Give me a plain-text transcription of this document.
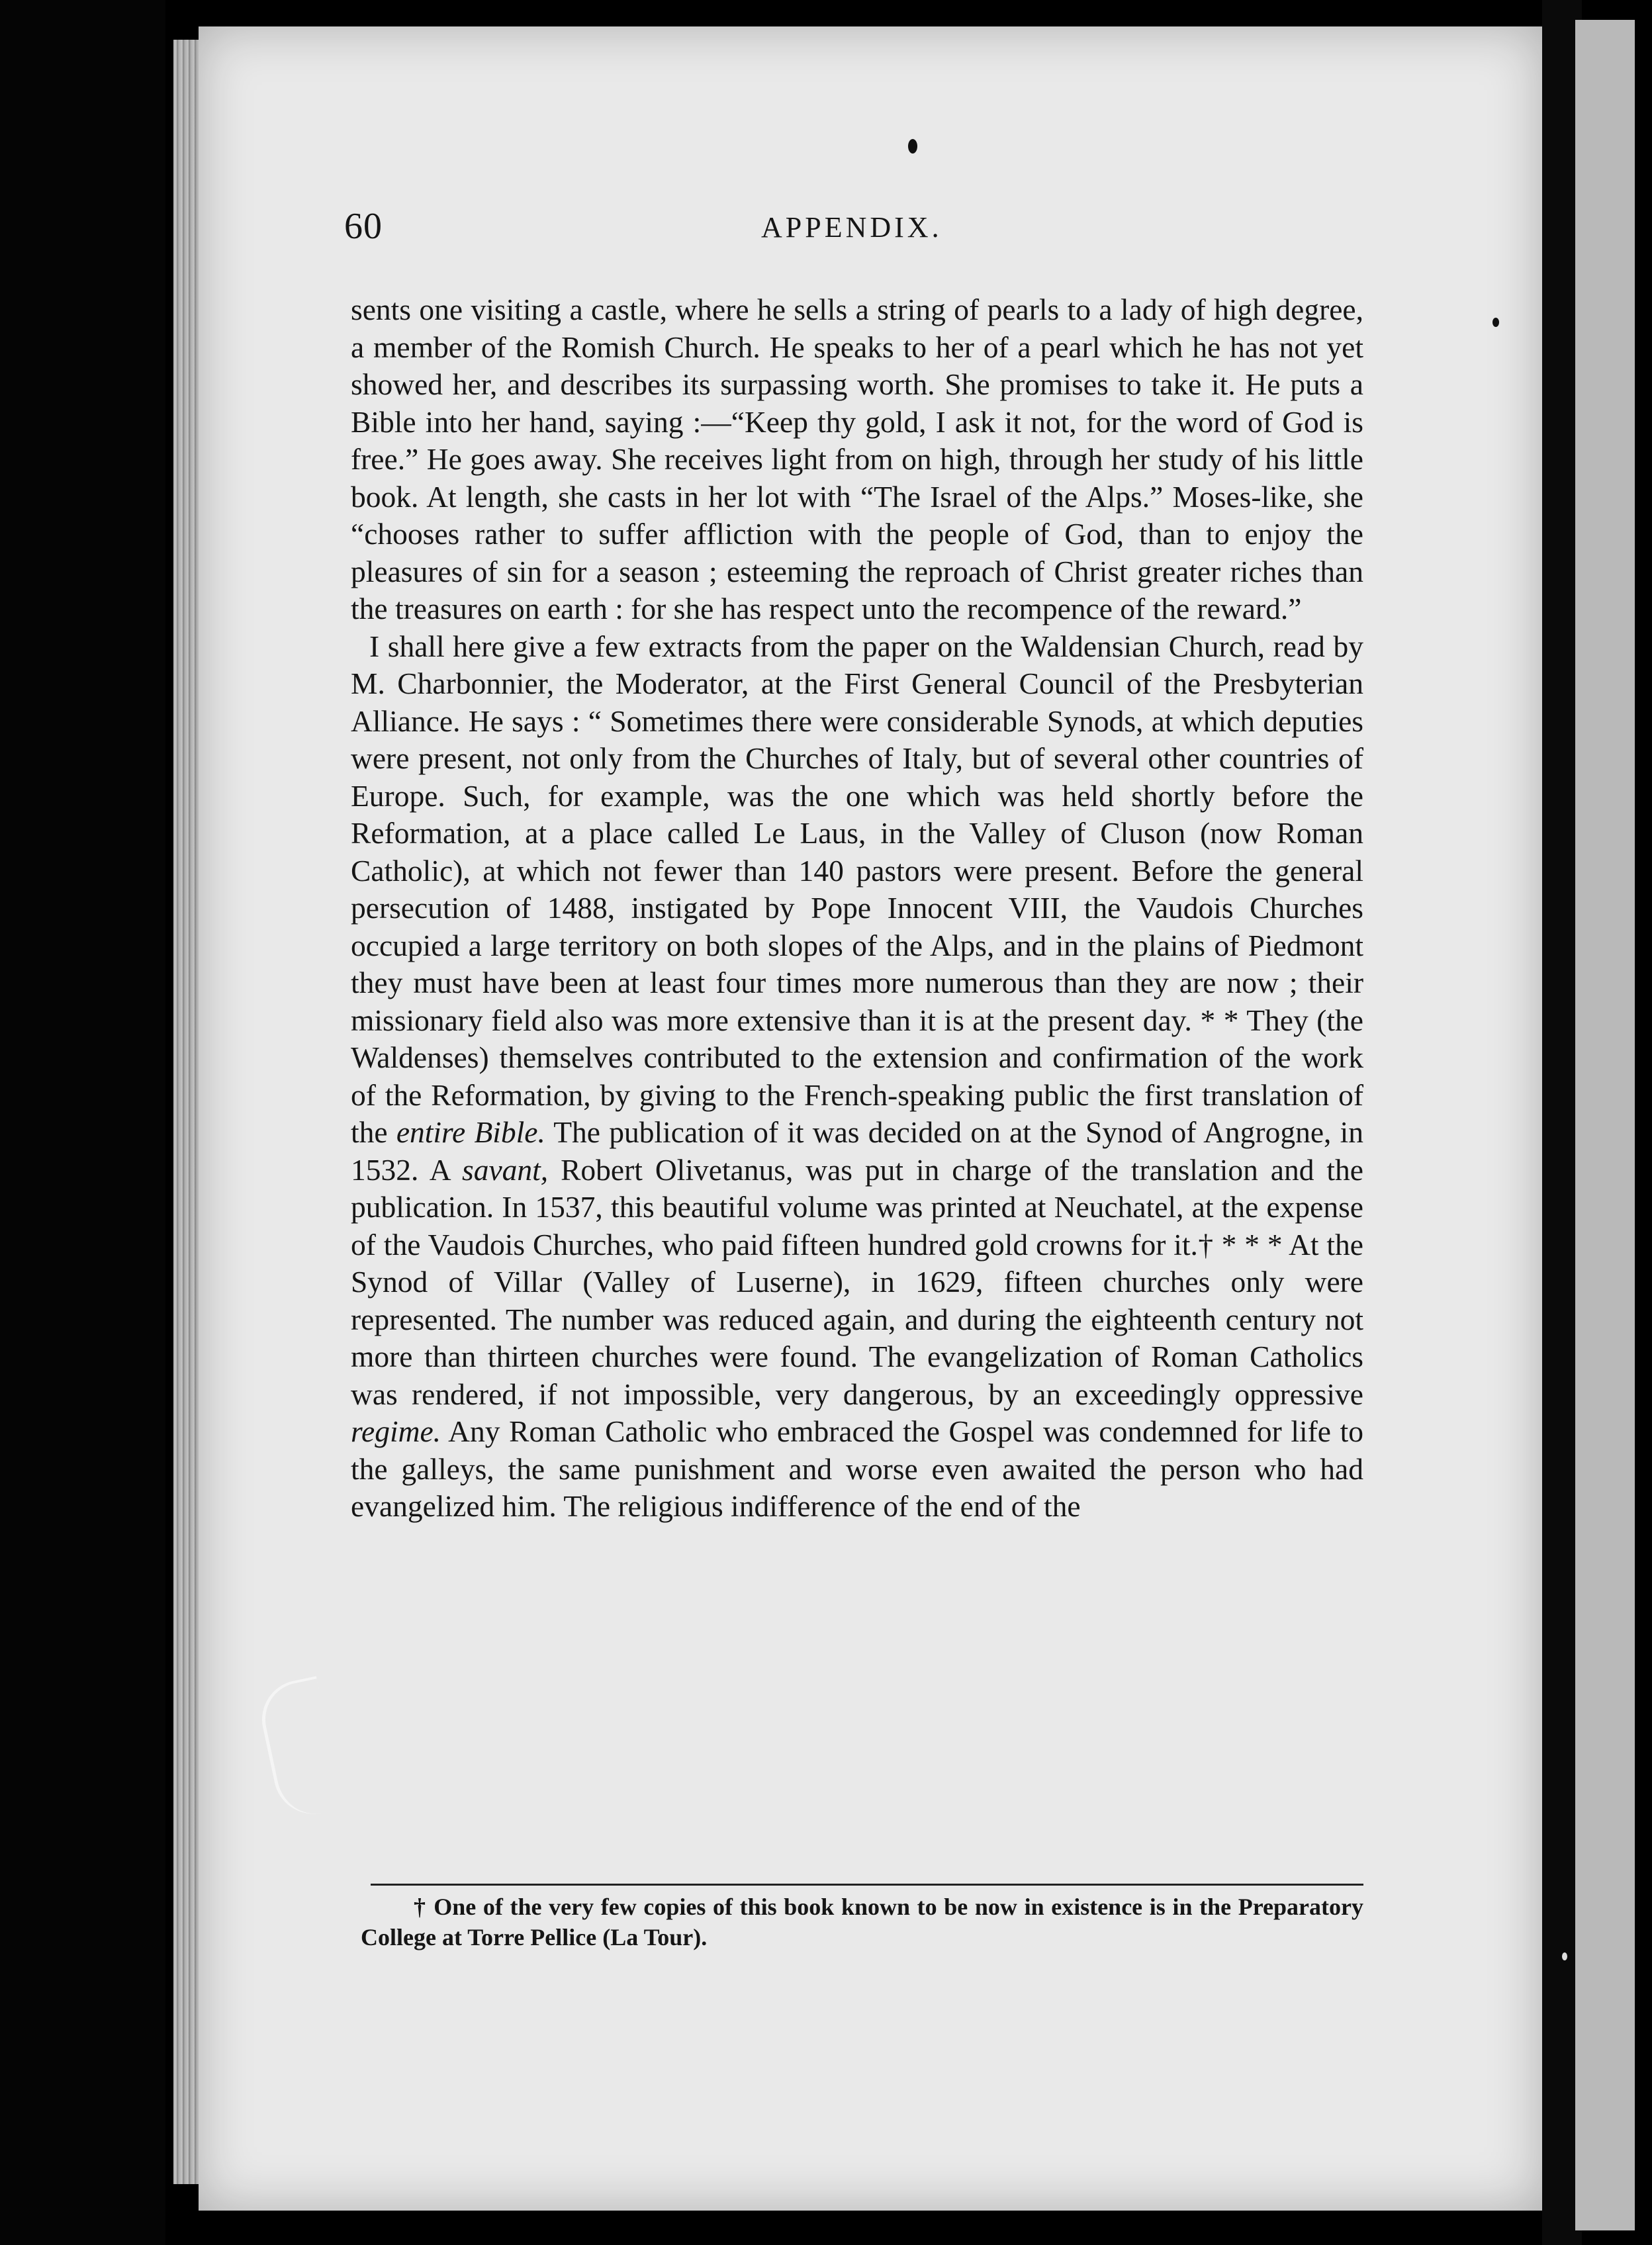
60	APPENDIX.

sents one visiting a castle, where he sells a string of pearls to a lady of high degree, a member of the Romish Church. He speaks to her of a pearl which he has not yet showed her, and describes its surpassing worth. She promises to take it. He puts a Bible into her hand, saying :—“Keep thy gold, I ask it not, for the word of God is free.” He goes away. She receives light from on high, through her study of his little book. At length, she casts in her lot with “The Israel of the Alps.” Moses-like, she “chooses rather to suffer affliction with the people of God, than to enjoy the pleasures of sin for a season ; esteeming the reproach of Christ greater riches than the treasures on earth : for she has respect unto the recompence of the reward.”

I shall here give a few extracts from the paper on the Waldensian Church, read by M. Charbonnier, the Moderator, at the First General Council of the Presbyterian Alliance. He says : “ Sometimes there were considerable Synods, at which deputies were present, not only from the Churches of Italy, but of several other countries of Europe. Such, for example, was the one which was held shortly before the Reformation, at a place called Le Laus, in the Valley of Cluson (now Roman Catholic), at which not fewer than 140 pastors were present. Before the general persecution of 1488, instigated by Pope Innocent VIII, the Vaudois Churches occupied a large territory on both slopes of the Alps, and in the plains of Piedmont they must have been at least four times more numerous than they are now ; their missionary field also was more extensive than it is at the present day. * * They (the Waldenses) themselves contributed to the extension and confirmation of the work of the Reformation, by giving to the French-speaking public the first translation of the entire Bible. The publication of it was decided on at the Synod of Angrogne, in 1532. A savant, Robert Olivetanus, was put in charge of the translation and the publication. In 1537, this beautiful volume was printed at Neuchatel, at the expense of the Vaudois Churches, who paid fifteen hundred gold crowns for it.† * * * At the Synod of Villar (Valley of Luserne), in 1629, fifteen churches only were represented. The number was reduced again, and during the eighteenth century not more than thirteen churches were found. The evangelization of Roman Catholics was rendered, if not impossible, very dangerous, by an exceedingly oppressive regime. Any Roman Catholic who embraced the Gospel was condemned for life to the galleys, the same punishment and worse even awaited the person who had evangelized him. The religious indifference of the end of the

† One of the very few copies of this book known to be now in existence is in the Preparatory College at Torre Pellice (La Tour).
